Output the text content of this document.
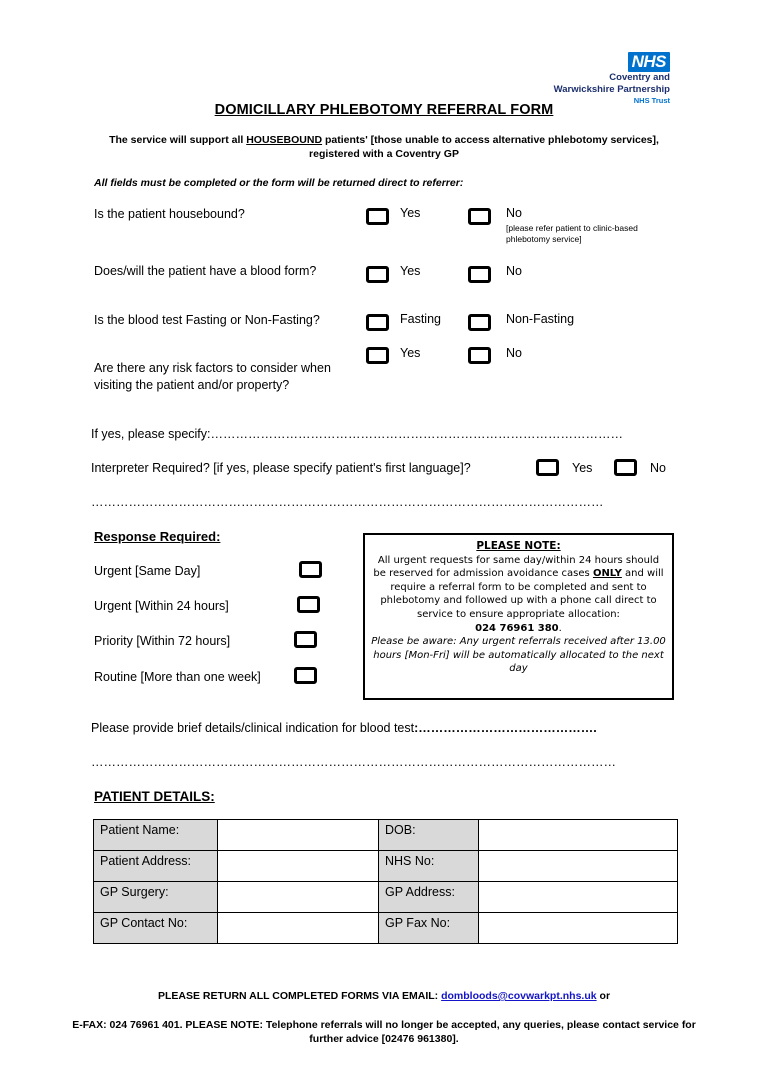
NHS
Coventry and
Warwickshire Partnership
NHS Trust
DOMICILLARY PHLEBOTOMY REFERRAL FORM
The service will support all HOUSEBOUND patients' [those unable to access alternative phlebotomy services], registered with a Coventry GP
All fields must be completed or the form will be returned direct to referrer:
Is the patient housebound?	Yes	No
[please refer patient to clinic-based phlebotomy service]
Does/will the patient have a blood form?	Yes	No
Is the blood test Fasting or Non-Fasting?	Fasting	Non-Fasting
Are there any risk factors to consider when visiting the patient and/or property?
Yes	No
If yes, please specify:………………………………………………………………………………………
Interpreter Required? [if yes, please specify patient's first language]?	Yes	No
……………………………………………………………………………………………………………
Response Required:
Urgent [Same Day]
Urgent [Within 24 hours]
Priority [Within 72 hours]
Routine [More than one week]
PLEASE NOTE:
All urgent requests for same day/within 24 hours should be reserved for admission avoidance cases ONLY and will require a referral form to be completed and sent to phlebotomy and followed up with a phone call direct to service to ensure appropriate allocation:
024 76961 380.
Please be aware: Any urgent referrals received after 13.00 hours [Mon-Fri] will be automatically allocated to the next day
Please provide brief details/clinical indication for blood test:…………………………………….
………………………………………………………………………………………………………………
PATIENT DETAILS:
Patient Name:		DOB:	
Patient Address:		NHS No:	
GP Surgery:		GP Address:	
GP Contact No:		GP Fax No:	
PLEASE RETURN ALL COMPLETED FORMS VIA EMAIL: dombloods@covwarkpt.nhs.uk or
E-FAX: 024 76961 401. PLEASE NOTE: Telephone referrals will no longer be accepted, any queries, please contact service for further advice [02476 961380].
